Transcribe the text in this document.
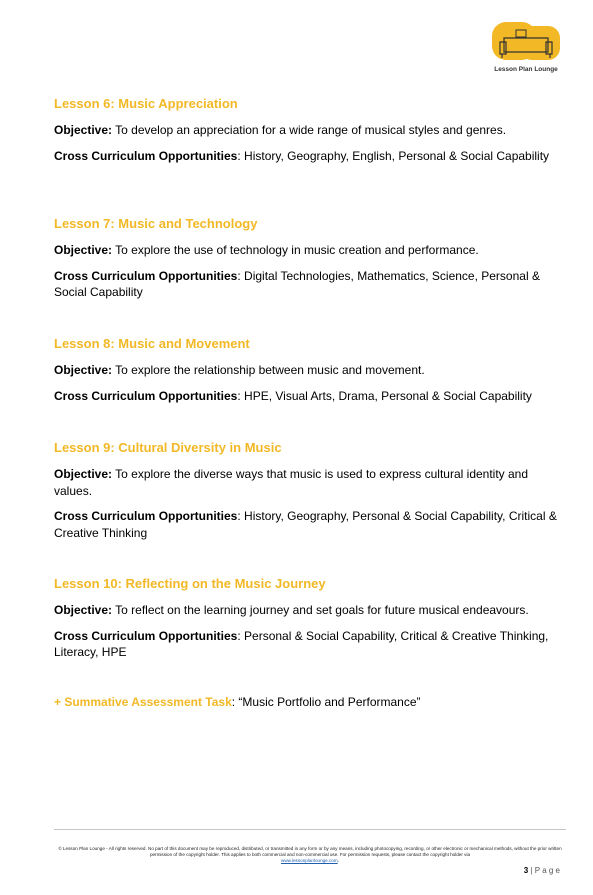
Lesson Plan Lounge
Lesson 6: Music Appreciation

Objective: To develop an appreciation for a wide range of musical styles and genres.

Cross Curriculum Opportunities: History, Geography, English, Personal & Social Capability

Lesson 7: Music and Technology

Objective: To explore the use of technology in music creation and performance.

Cross Curriculum Opportunities: Digital Technologies, Mathematics, Science, Personal & Social Capability

Lesson 8: Music and Movement

Objective: To explore the relationship between music and movement.

Cross Curriculum Opportunities: HPE, Visual Arts, Drama, Personal & Social Capability

Lesson 9: Cultural Diversity in Music

Objective: To explore the diverse ways that music is used to express cultural identity and values.

Cross Curriculum Opportunities: History, Geography, Personal & Social Capability, Critical & Creative Thinking

Lesson 10: Reflecting on the Music Journey

Objective: To reflect on the learning journey and set goals for future musical endeavours.

Cross Curriculum Opportunities: Personal & Social Capability, Critical & Creative Thinking, Literacy, HPE

+ Summative Assessment Task: “Music Portfolio and Performance”
© Lesson Plan Lounge - All rights reserved. No part of this document may be reproduced, distributed, or transmitted in any form or by any means, including photocopying, recording, or other electronic or mechanical methods, without the prior written permission of the copyright holder. This applies to both commercial and non-commercial use. For permission requests, please contact the copyright holder via
www.lessonplanlounge.com.
3 | P a g e
